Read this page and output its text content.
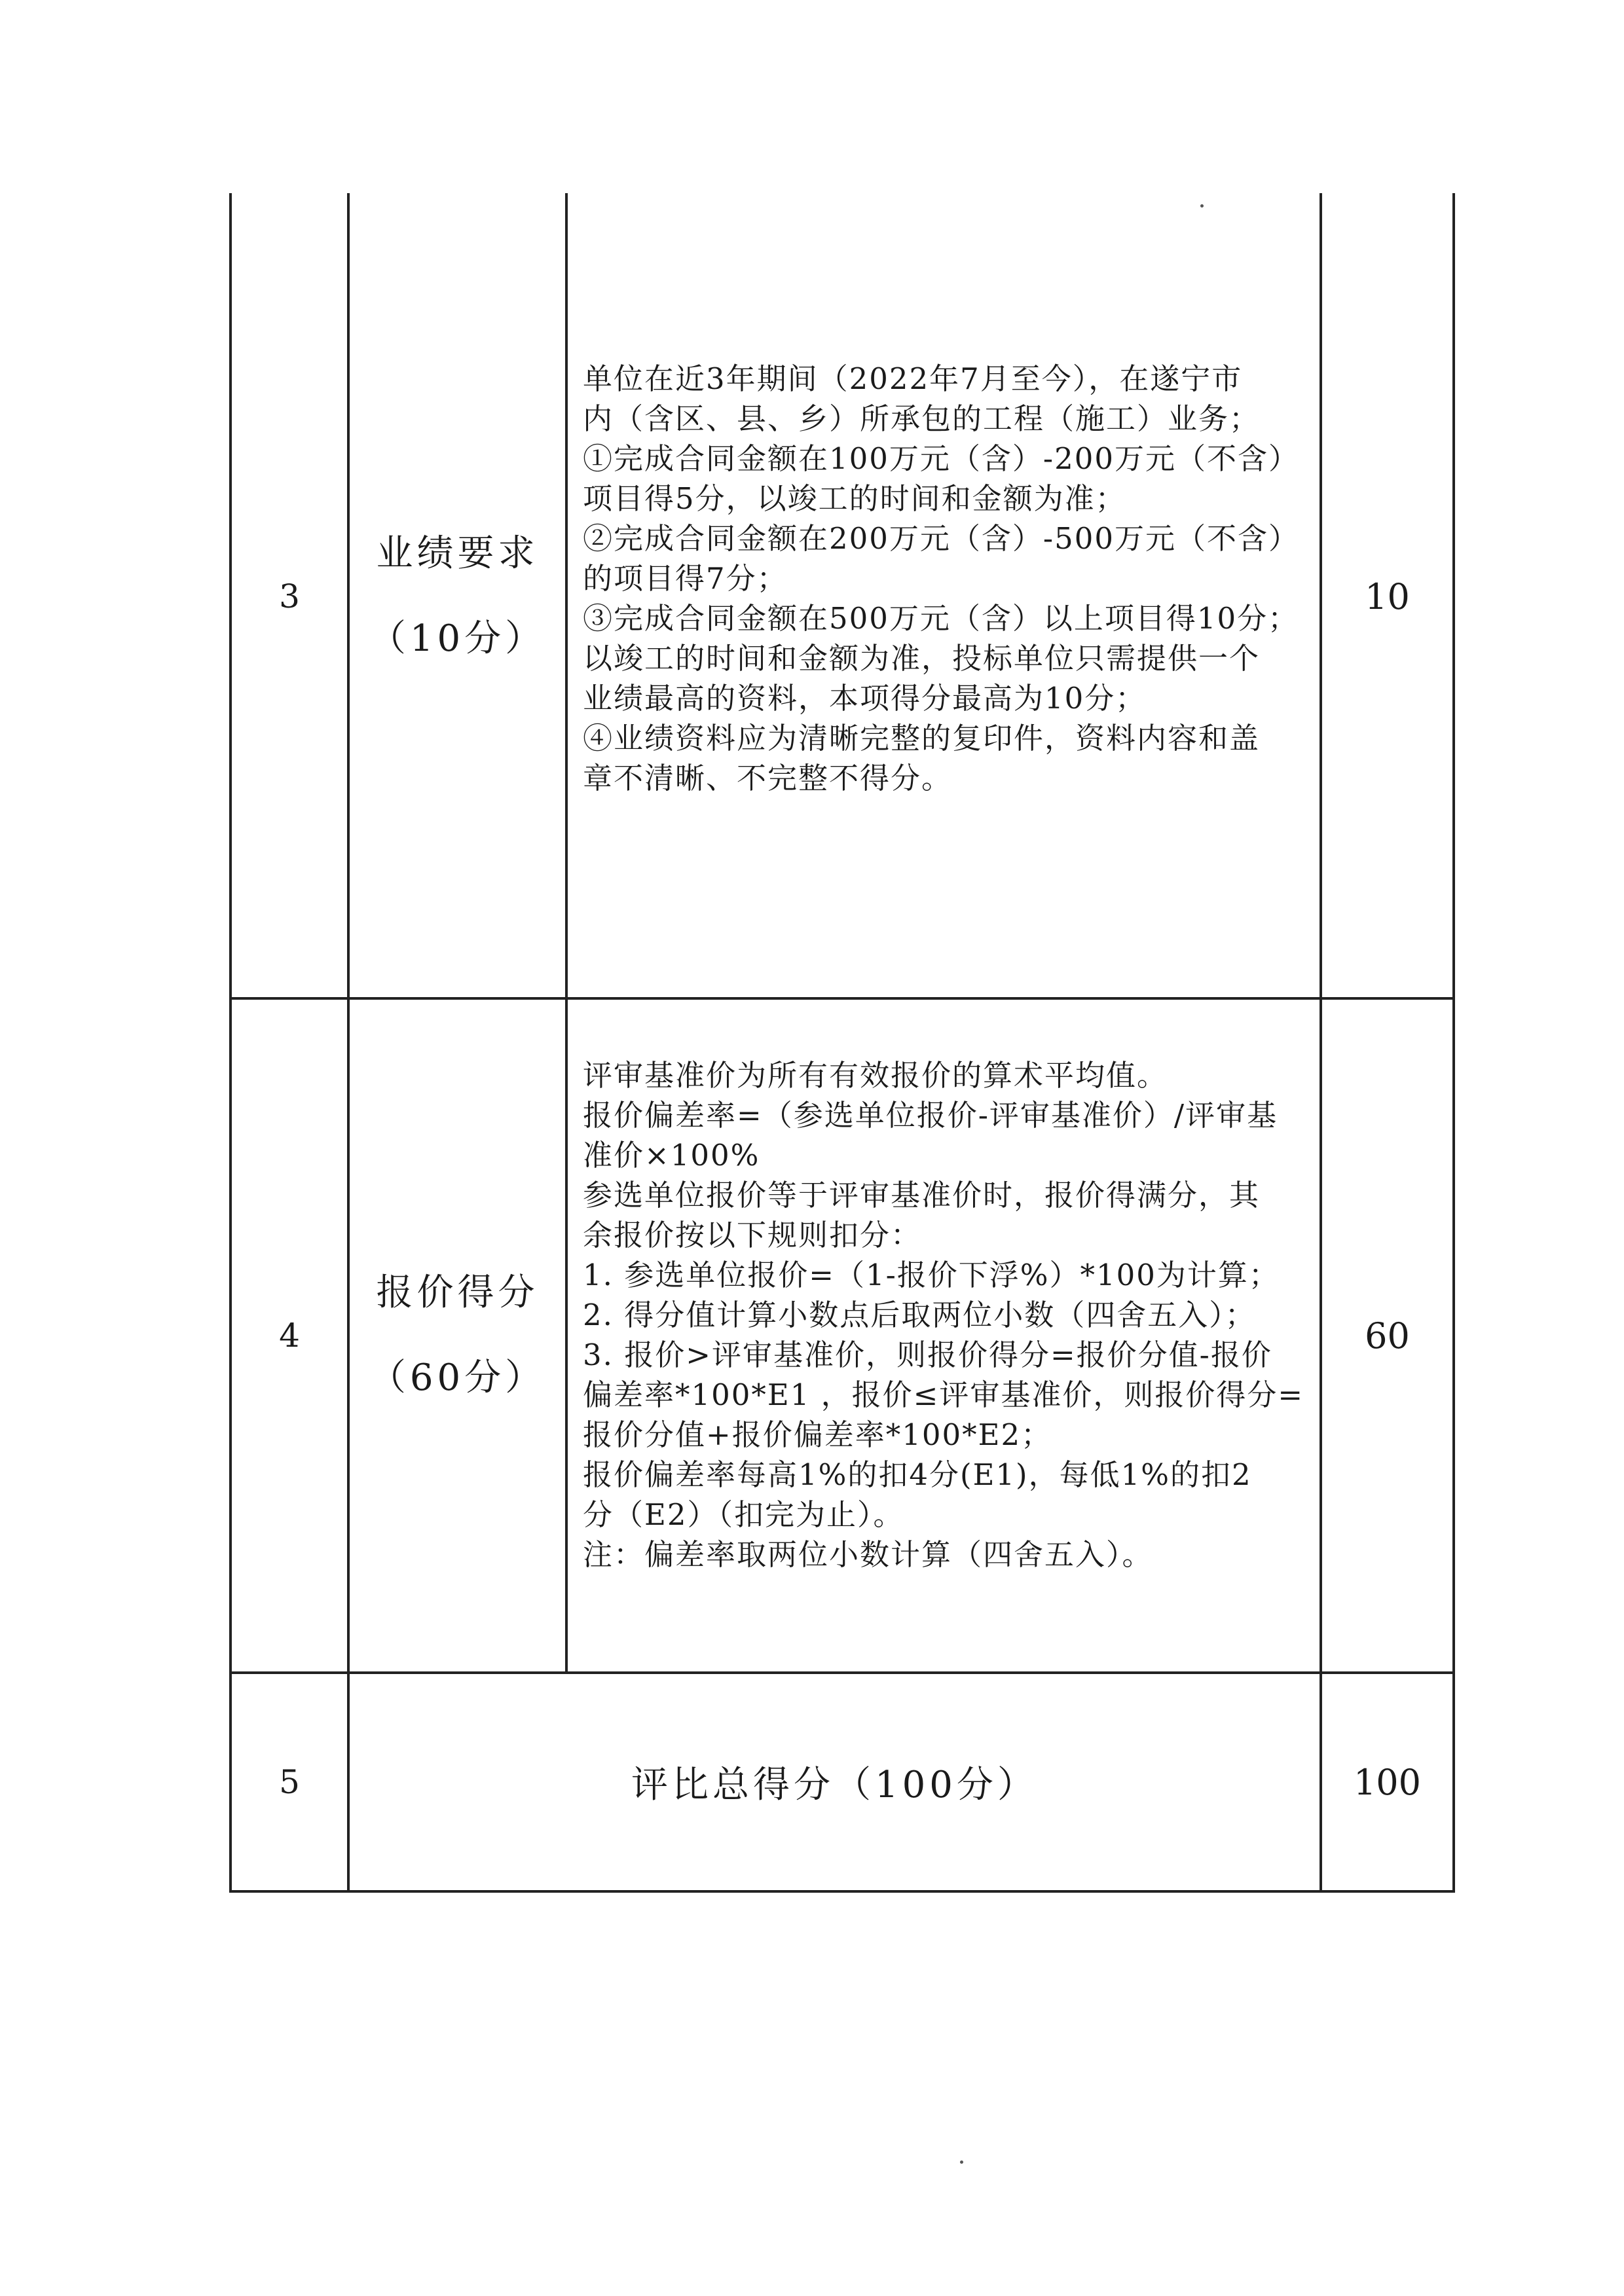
3
业绩要求
（10分）
单位在近3年期间（2022年7月至今），在遂宁市
内（含区、县、乡）所承包的工程（施工）业务；
①完成合同金额在100万元（含）-200万元（不含）
项目得5分，以竣工的时间和金额为准；
②完成合同金额在200万元（含）-500万元（不含）
的项目得7分；
③完成合同金额在500万元（含）以上项目得10分；
以竣工的时间和金额为准，投标单位只需提供一个
业绩最高的资料，本项得分最高为10分；
④业绩资料应为清晰完整的复印件，资料内容和盖
章不清晰、不完整不得分。
10
4
报价得分
（60分）
评审基准价为所有有效报价的算术平均值。
报价偏差率=（参选单位报价-评审基准价）/评审基
准价×100%
参选单位报价等于评审基准价时，报价得满分，其
余报价按以下规则扣分：
1. 参选单位报价=（1-报价下浮%）*100为计算；
2. 得分值计算小数点后取两位小数（四舍五入）；
3. 报价>评审基准价，则报价得分=报价分值-报价
偏差率*100*E1 ，报价≤评审基准价，则报价得分=
报价分值+报价偏差率*100*E2；
报价偏差率每高1%的扣4分(E1)，每低1%的扣2
分（E2）（扣完为止）。
注：偏差率取两位小数计算（四舍五入）。
60
5	评比总得分（100分）	100
